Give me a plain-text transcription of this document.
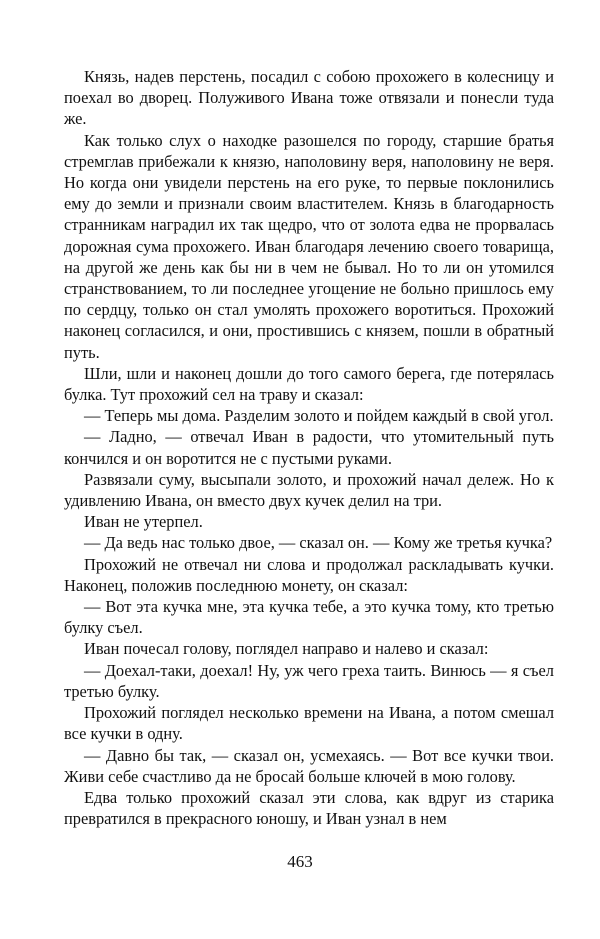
Князь, надев перстень, посадил с собою прохожего в колесницу и поехал во дворец. Полуживого Ивана тоже отвязали и понесли туда же.

Как только слух о находке разошелся по городу, старшие братья стремглав прибежали к князю, наполовину веря, наполовину не веря. Но когда они увидели перстень на его руке, то первые поклонились ему до земли и признали своим властителем. Князь в благодарность странникам наградил их так щедро, что от золота едва не прорвалась дорожная сума прохожего. Иван благодаря лечению своего товарища, на другой же день как бы ни в чем не бывал. Но то ли он утомился странствованием, то ли последнее угощение не больно пришлось ему по сердцу, только он стал умолять прохожего воротиться. Прохожий наконец согласился, и они, простившись с князем, пошли в обратный путь.

Шли, шли и наконец дошли до того самого берега, где потерялась булка. Тут прохожий сел на траву и сказал:

— Теперь мы дома. Разделим золото и пойдем каждый в свой угол.

— Ладно, — отвечал Иван в радости, что утомительный путь кончился и он воротится не с пустыми руками.

Развязали суму, высыпали золото, и прохожий начал дележ. Но к удивлению Ивана, он вместо двух кучек делил на три.

Иван не утерпел.

— Да ведь нас только двое, — сказал он. — Кому же третья кучка?

Прохожий не отвечал ни слова и продолжал раскладывать кучки. Наконец, положив последнюю монету, он сказал:

— Вот эта кучка мне, эта кучка тебе, а это кучка тому, кто третью булку съел.

Иван почесал голову, поглядел направо и налево и сказал:

— Доехал-таки, доехал! Ну, уж чего греха таить. Винюсь — я съел третью булку.

Прохожий поглядел несколько времени на Ивана, а потом смешал все кучки в одну.

— Давно бы так, — сказал он, усмехаясь. — Вот все кучки твои. Живи себе счастливо да не бросай больше ключей в мою голову.

Едва только прохожий сказал эти слова, как вдруг из старика превратился в прекрасного юношу, и Иван узнал в нем

463
